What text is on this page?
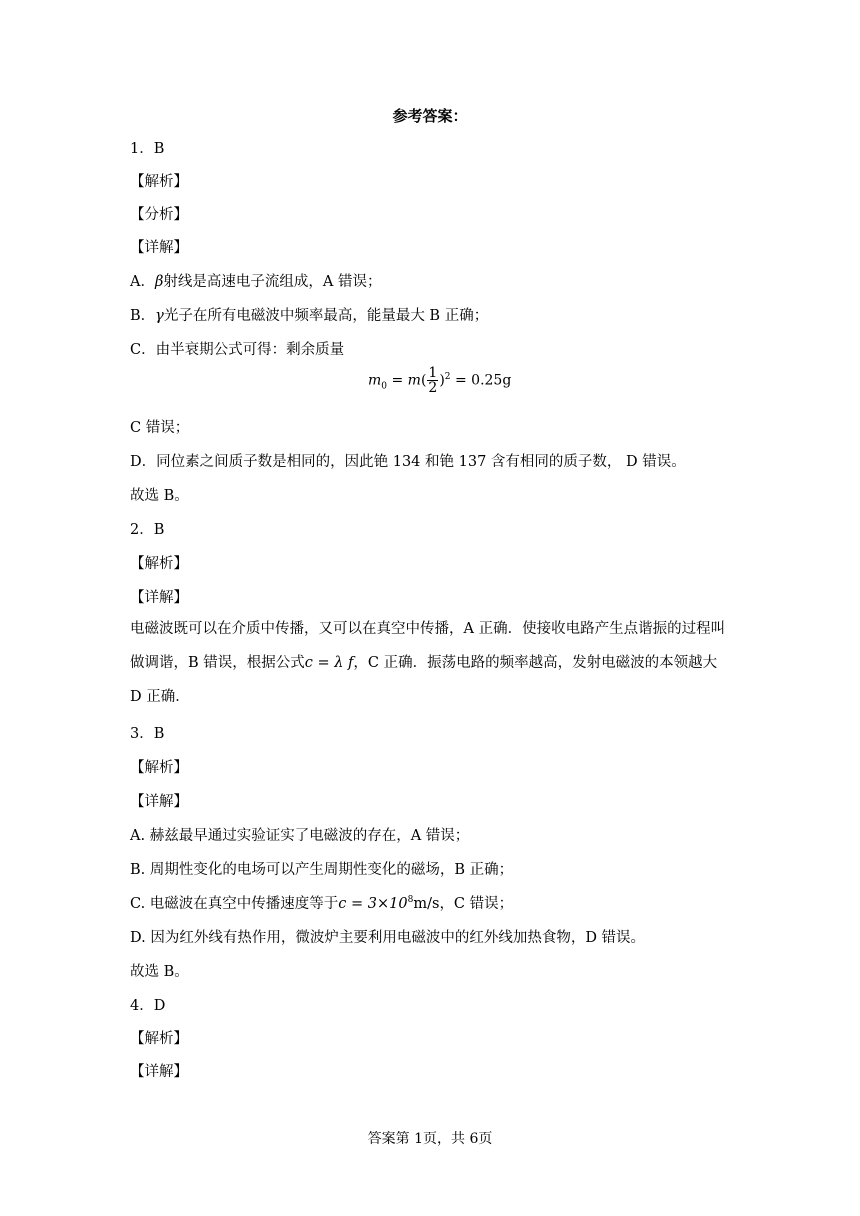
参考答案：
1．B
【解析】
【分析】
【详解】
A．β射线是高速电子流组成，A 错误；
B．γ光子在所有电磁波中频率最高，能量最大 B 正确；
C．由半衰期公式可得：剩余质量
$m_0 = m( \frac{1}{2} )^2 = 0.25g$
C 错误；
D．同位素之间质子数是相同的，因此铯 134 和铯 137 含有相同的质子数， D 错误。
故选 B。
2．B
【解析】
【详解】
电磁波既可以在介质中传播，又可以在真空中传播，A 正确．使接收电路产生点谐振的过程叫做调谐，B 错误，根据公式c = λ f，C 正确．振荡电路的频率越高，发射电磁波的本领越大 D 正确．
3．B
【解析】
【详解】
A. 赫兹最早通过实验证实了电磁波的存在，A 错误；
B. 周期性变化的电场可以产生周期性变化的磁场，B 正确；
C. 电磁波在真空中传播速度等于$c = 3\times 10^8m/s$，C 错误；
D. 因为红外线有热作用，微波炉主要利用电磁波中的红外线加热食物，D 错误。
故选 B。
4．D
【解析】
【详解】
答案第 1页，共 6页
